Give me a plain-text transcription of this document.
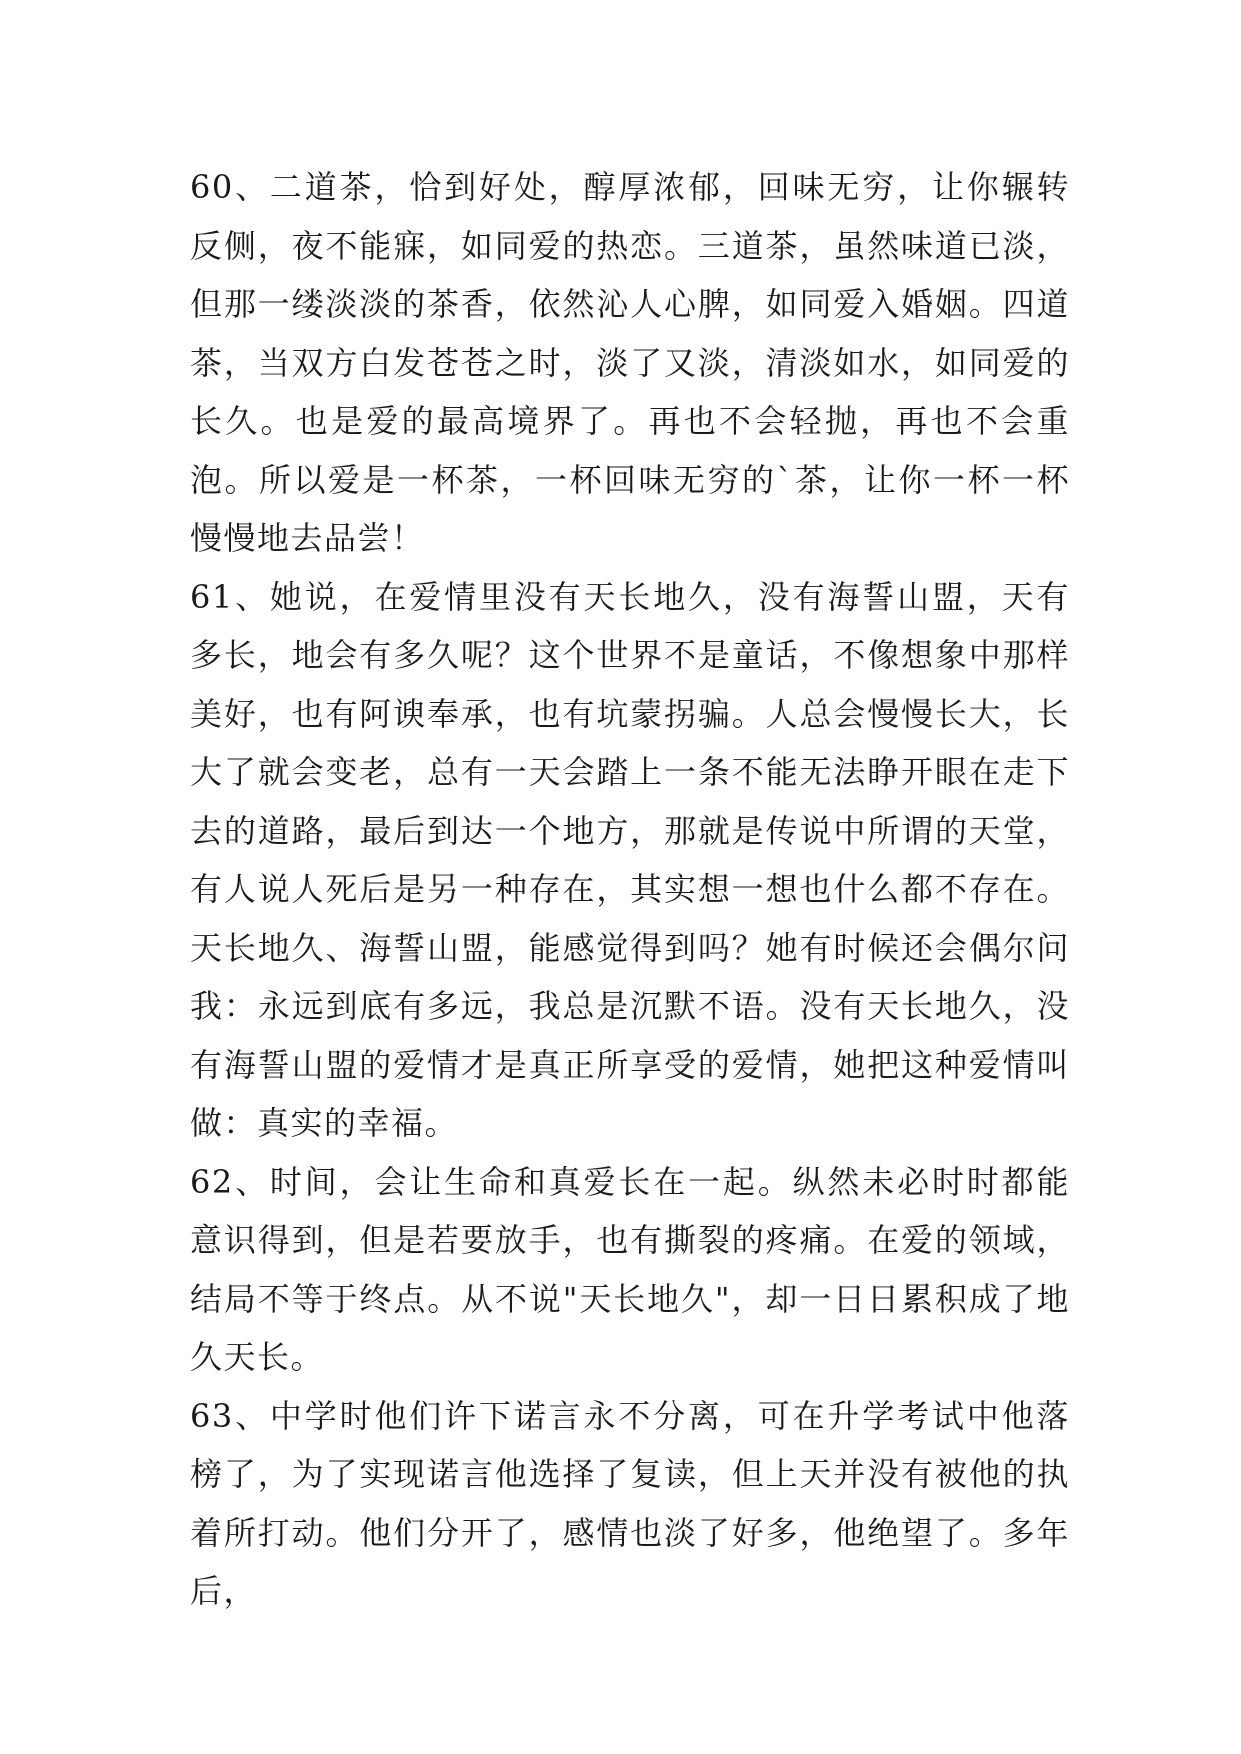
60、二道茶，恰到好处，醇厚浓郁，回味无穷，让你辗转反侧，夜不能寐，如同爱的热恋。三道茶，虽然味道已淡，但那一缕淡淡的茶香，依然沁人心脾，如同爱入婚姻。四道茶，当双方白发苍苍之时，淡了又淡，清淡如水，如同爱的长久。也是爱的最高境界了。再也不会轻抛，再也不会重泡。所以爱是一杯茶，一杯回味无穷的`茶，让你一杯一杯慢慢地去品尝！

61、她说，在爱情里没有天长地久，没有海誓山盟，天有多长，地会有多久呢？这个世界不是童话，不像想象中那样美好，也有阿谀奉承，也有坑蒙拐骗。人总会慢慢长大，长大了就会变老，总有一天会踏上一条不能无法睁开眼在走下去的道路，最后到达一个地方，那就是传说中所谓的天堂，有人说人死后是另一种存在，其实想一想也什么都不存在。天长地久、海誓山盟，能感觉得到吗？她有时候还会偶尔问我：永远到底有多远，我总是沉默不语。没有天长地久，没有海誓山盟的爱情才是真正所享受的爱情，她把这种爱情叫做：真实的幸福。

62、时间，会让生命和真爱长在一起。纵然未必时时都能意识得到，但是若要放手，也有撕裂的疼痛。在爱的领域，结局不等于终点。从不说"天长地久"，却一日日累积成了地久天长。

63、中学时他们许下诺言永不分离，可在升学考试中他落榜了，为了实现诺言他选择了复读，但上天并没有被他的执着所打动。他们分开了，感情也淡了好多，他绝望了。多年后，
